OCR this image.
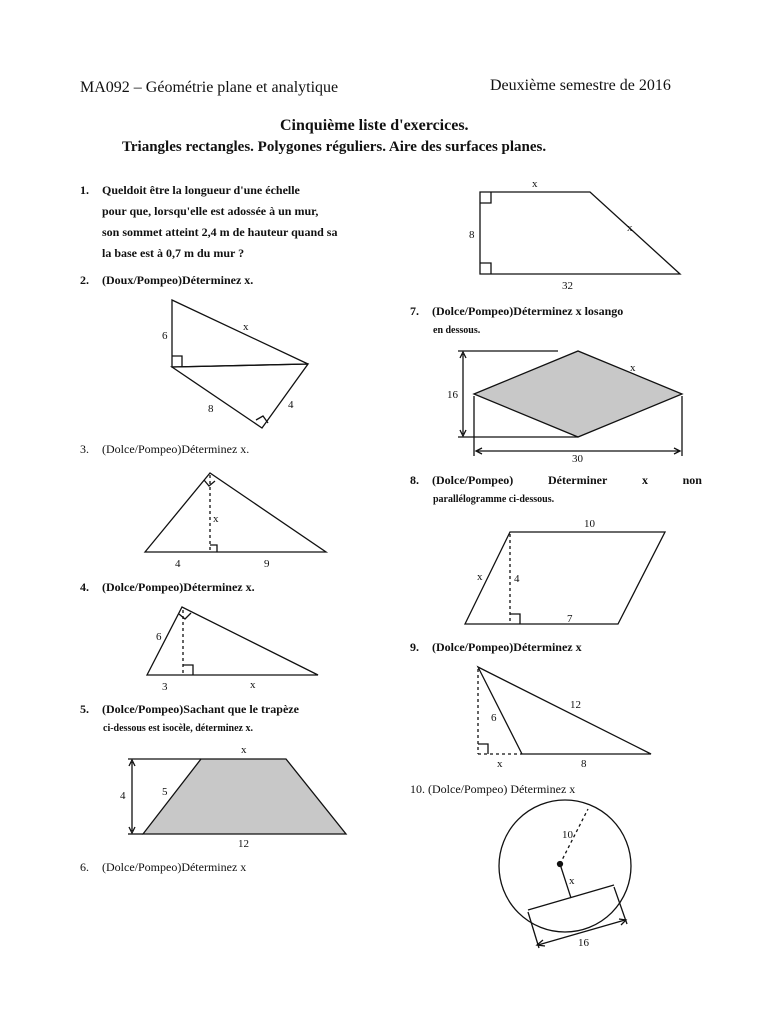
MA092 – Géométrie plane et analytique	Deuxième semestre de 2016
Cinquième liste d'exercices.
Triangles rectangles. Polygones réguliers. Aire des surfaces planes.
1. Queldoit être la longueur d'une échelle
pour que, lorsqu'elle est adossée à un mur,
son sommet atteint 2,4 m de hauteur quand sa
la base est à 0,7 m du mur ?
2. (Doux/Pompeo)Déterminez x.
6
x
8	4
3. (Dolce/Pompeo)Déterminez x.
x
4	9
4. (Dolce/Pompeo)Déterminez x.
6
3	x
5. (Dolce/Pompeo)Sachant que le trapèze
ci-dessous est isocèle, déterminez x.
x
4	5
12
6. (Dolce/Pompeo)Déterminez x
x
8
x
32
7. (Dolce/Pompeo)Déterminez x losango
en dessous.
16
x
30
8. (Dolce/Pompeo)	Déterminer	x	non
parallélogramme ci-dessous.
10
x	4
7
9. (Dolce/Pompeo)Déterminez x
6
12
x	8
10. (Dolce/Pompeo) Déterminez x
10
x
16
